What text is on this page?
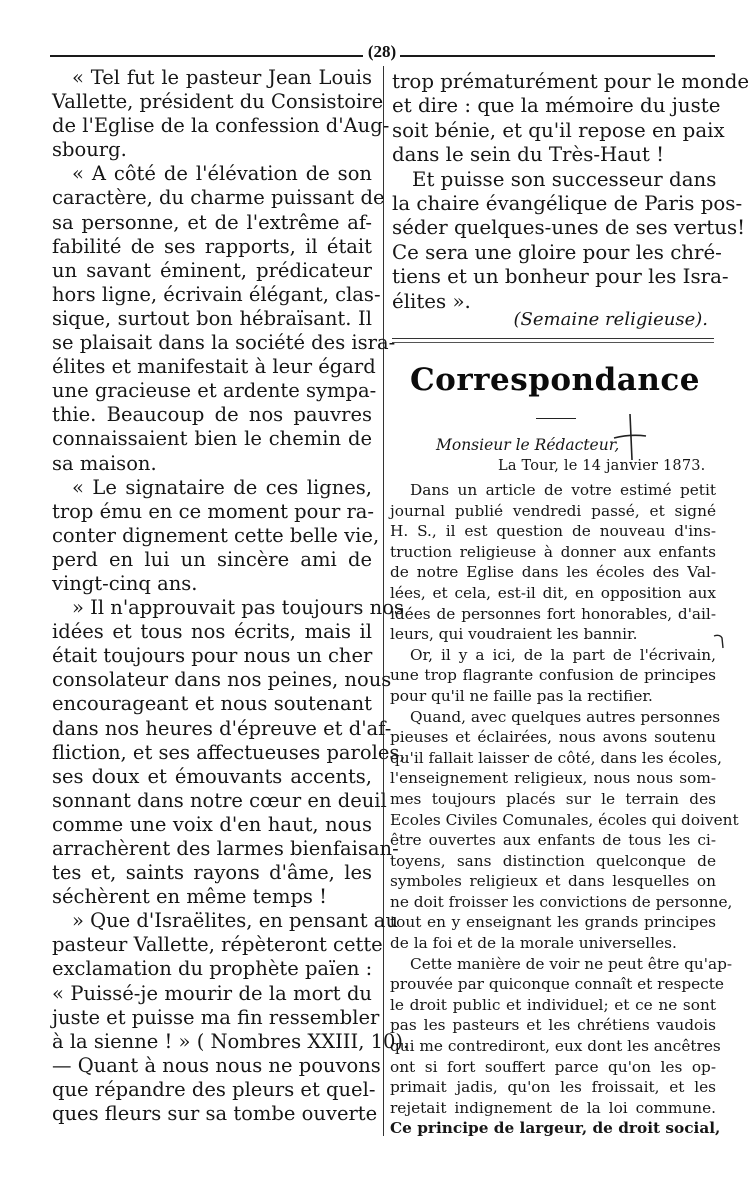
(28)
« Tel fut le pasteur Jean Louis
Vallette, président du Consistoire
de l'Eglise de la confession d'Aug-
sbourg.
« A côté de l'élévation de son
caractère, du charme puissant de
sa personne, et de l'extrême af-
fabilité de ses rapports, il était
un savant éminent, prédicateur
hors ligne, écrivain élégant, clas-
sique, surtout bon hébraïsant. Il
se plaisait dans la société des isra-
élites et manifestait à leur égard
une gracieuse et ardente sympa-
thie. Beaucoup de nos pauvres
connaissaient bien le chemin de
sa maison.
« Le signataire de ces lignes,
trop ému en ce moment pour ra-
conter dignement cette belle vie,
perd en lui un sincère ami de
vingt-cinq ans.
» Il n'approuvait pas toujours nos
idées et tous nos écrits, mais il
était toujours pour nous un cher
consolateur dans nos peines, nous
encourageant et nous soutenant
dans nos heures d'épreuve et d'af-
fliction, et ses affectueuses paroles,
ses doux et émouvants accents,
sonnant dans notre cœur en deuil
comme une voix d'en haut, nous
arrachèrent des larmes bienfaisan-
tes et, saints rayons d'âme, les
séchèrent en même temps !
» Que d'Israëlites, en pensant au
pasteur Vallette, répèteront cette
exclamation du prophète païen :
« Puissé-je mourir de la mort du
juste et puisse ma fin ressembler
à la sienne ! » ( Nombres XXIII, 10).
— Quant à nous nous ne pouvons
que répandre des pleurs et quel-
ques fleurs sur sa tombe ouverte
trop prématurément pour le monde
et dire : que la mémoire du juste
soit bénie, et qu'il repose en paix
dans le sein du Très-Haut !
Et puisse son successeur dans
la chaire évangélique de Paris pos-
séder quelques-unes de ses vertus!
Ce sera une gloire pour les chré-
tiens et un bonheur pour les Isra-
élites ».
(Semaine religieuse).
Correspondance
Monsieur le Rédacteur,
La Tour, le 14 janvier 1873.
Dans un article de votre estimé petit
journal publié vendredi passé, et signé
H. S., il est question de nouveau d'ins-
truction religieuse à donner aux enfants
de notre Eglise dans les écoles des Val-
lées, et cela, est-il dit, en opposition aux
idées de personnes fort honorables, d'ail-
leurs, qui voudraient les bannir.
Or, il y a ici, de la part de l'écrivain,
une trop flagrante confusion de principes
pour qu'il ne faille pas la rectifier.
Quand, avec quelques autres personnes
pieuses et éclairées, nous avons soutenu
qu'il fallait laisser de côté, dans les écoles,
l'enseignement religieux, nous nous som-
mes toujours placés sur le terrain des
Ecoles Civiles Comunales, écoles qui doivent
être ouvertes aux enfants de tous les ci-
toyens, sans distinction quelconque de
symboles religieux et dans lesquelles on
ne doit froisser les convictions de personne,
tout en y enseignant les grands principes
de la foi et de la morale universelles.
Cette manière de voir ne peut être qu'ap-
prouvée par quiconque connaît et respecte
le droit public et individuel; et ce ne sont
pas les pasteurs et les chrétiens vaudois
qui me contrediront, eux dont les ancêtres
ont si fort souffert parce qu'on les op-
primait jadis, qu'on les froissait, et les
rejetait indignement de la loi commune.
Ce principe de largeur, de droit social,
